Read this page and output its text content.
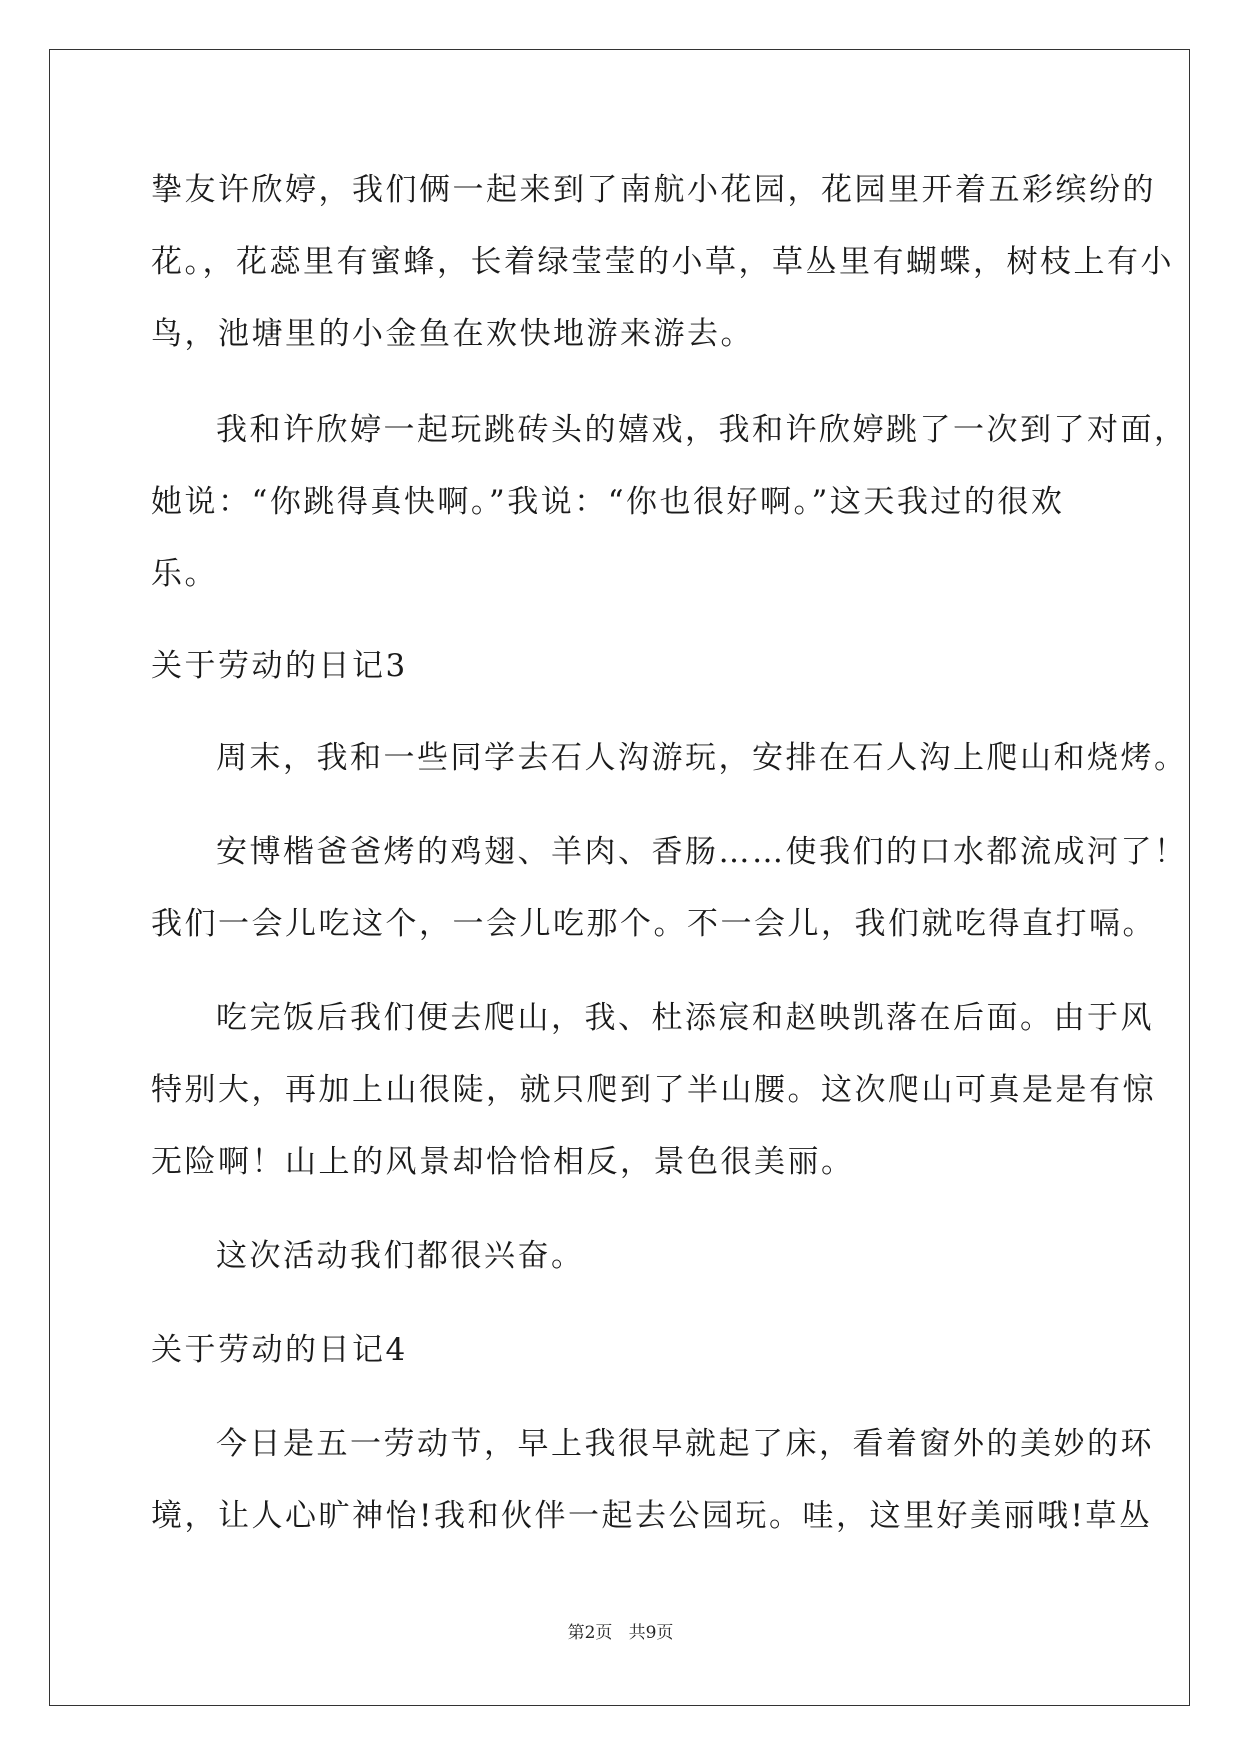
挚友许欣婷，我们俩一起来到了南航小花园，花园里开着五彩缤纷的
花。，花蕊里有蜜蜂，长着绿莹莹的小草，草丛里有蝴蝶，树枝上有小
鸟，池塘里的小金鱼在欢快地游来游去。
我和许欣婷一起玩跳砖头的嬉戏，我和许欣婷跳了一次到了对面，
她说：“你跳得真快啊。”我说：“你也很好啊。”这天我过的很欢
乐。
关于劳动的日记3
周末，我和一些同学去石人沟游玩，安排在石人沟上爬山和烧烤。
安博楷爸爸烤的鸡翅、羊肉、香肠……使我们的口水都流成河了！
我们一会儿吃这个，一会儿吃那个。不一会儿，我们就吃得直打嗝。
吃完饭后我们便去爬山，我、杜添宸和赵映凯落在后面。由于风
特别大，再加上山很陡，就只爬到了半山腰。这次爬山可真是是有惊
无险啊！山上的风景却恰恰相反，景色很美丽。
这次活动我们都很兴奋。
关于劳动的日记4
今日是五一劳动节，早上我很早就起了床，看着窗外的美妙的环
境，让人心旷神怡!我和伙伴一起去公园玩。哇，这里好美丽哦!草丛
第2页   共9页
